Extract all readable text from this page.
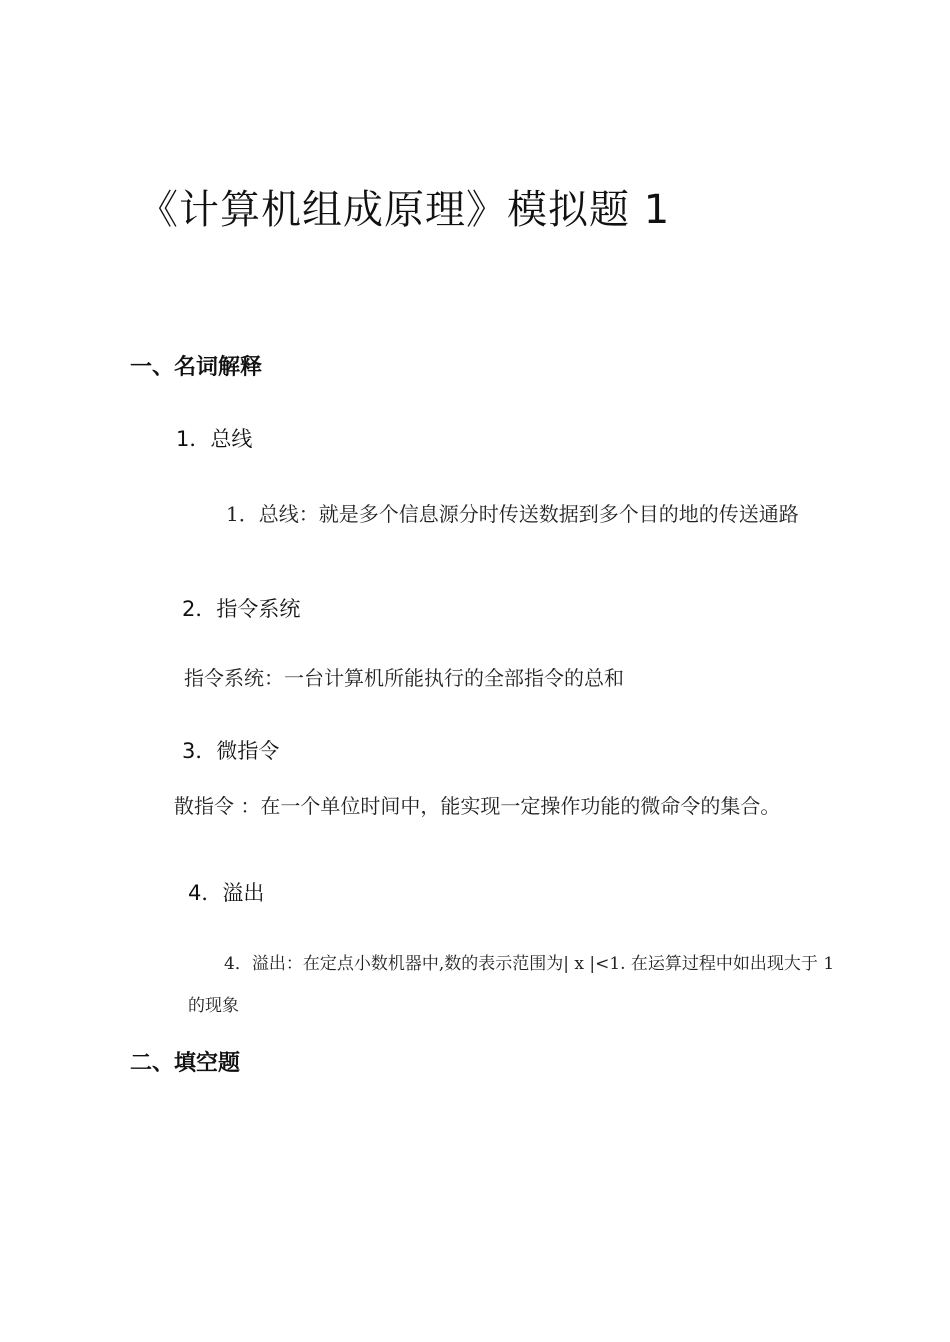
《计算机组成原理》模拟题 1
一、名词解释
1．总线
1．总线：就是多个信息源分时传送数据到多个目的地的传送通路
2．指令系统
指令系统：一台计算机所能执行的全部指令的总和
3．微指令
散指令 ：在一个单位时间中，能实现一定操作功能的微命令的集合。
4．溢出
4．溢出：在定点小数机器中,数的表示范围为| x |<1. 在运算过程中如出现大于 1
的现象
二、填空题
